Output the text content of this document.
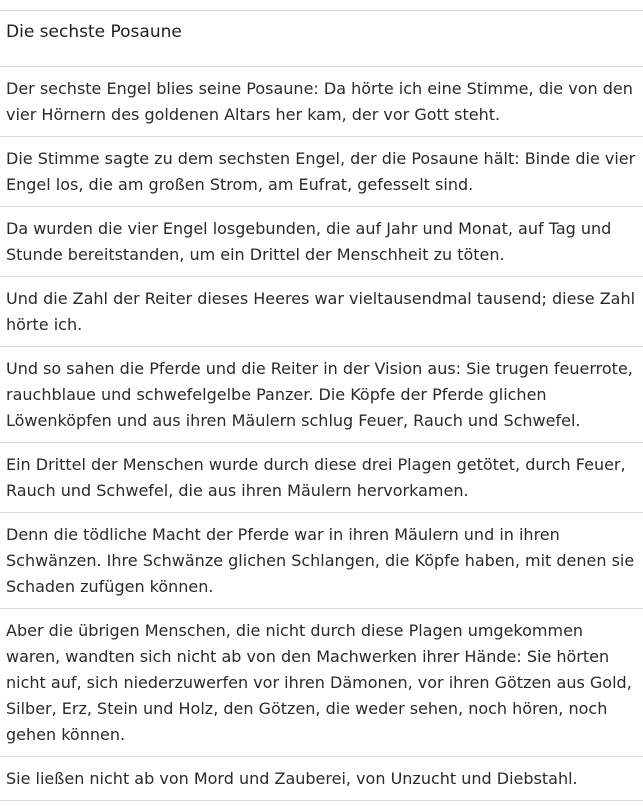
Die sechste Posaune
Der sechste Engel blies seine Posaune: Da hörte ich eine Stimme, die von den vier Hörnern des goldenen Altars her kam, der vor Gott steht.
Die Stimme sagte zu dem sechsten Engel, der die Posaune hält: Binde die vier Engel los, die am großen Strom, am Eufrat, gefesselt sind.
Da wurden die vier Engel losgebunden, die auf Jahr und Monat, auf Tag und Stunde bereitstanden, um ein Drittel der Menschheit zu töten.
Und die Zahl der Reiter dieses Heeres war vieltausendmal tausend; diese Zahl hörte ich.
Und so sahen die Pferde und die Reiter in der Vision aus: Sie trugen feuerrote, rauchblaue und schwefelgelbe Panzer. Die Köpfe der Pferde glichen Löwenköpfen und aus ihren Mäulern schlug Feuer, Rauch und Schwefel.
Ein Drittel der Menschen wurde durch diese drei Plagen getötet, durch Feuer, Rauch und Schwefel, die aus ihren Mäulern hervorkamen.
Denn die tödliche Macht der Pferde war in ihren Mäulern und in ihren Schwänzen. Ihre Schwänze glichen Schlangen, die Köpfe haben, mit denen sie Schaden zufügen können.
Aber die übrigen Menschen, die nicht durch diese Plagen umgekommen waren, wandten sich nicht ab von den Machwerken ihrer Hände: Sie hörten nicht auf, sich niederzuwerfen vor ihren Dämonen, vor ihren Götzen aus Gold, Silber, Erz, Stein und Holz, den Götzen, die weder sehen, noch hören, noch gehen können.
Sie ließen nicht ab von Mord und Zauberei, von Unzucht und Diebstahl.
